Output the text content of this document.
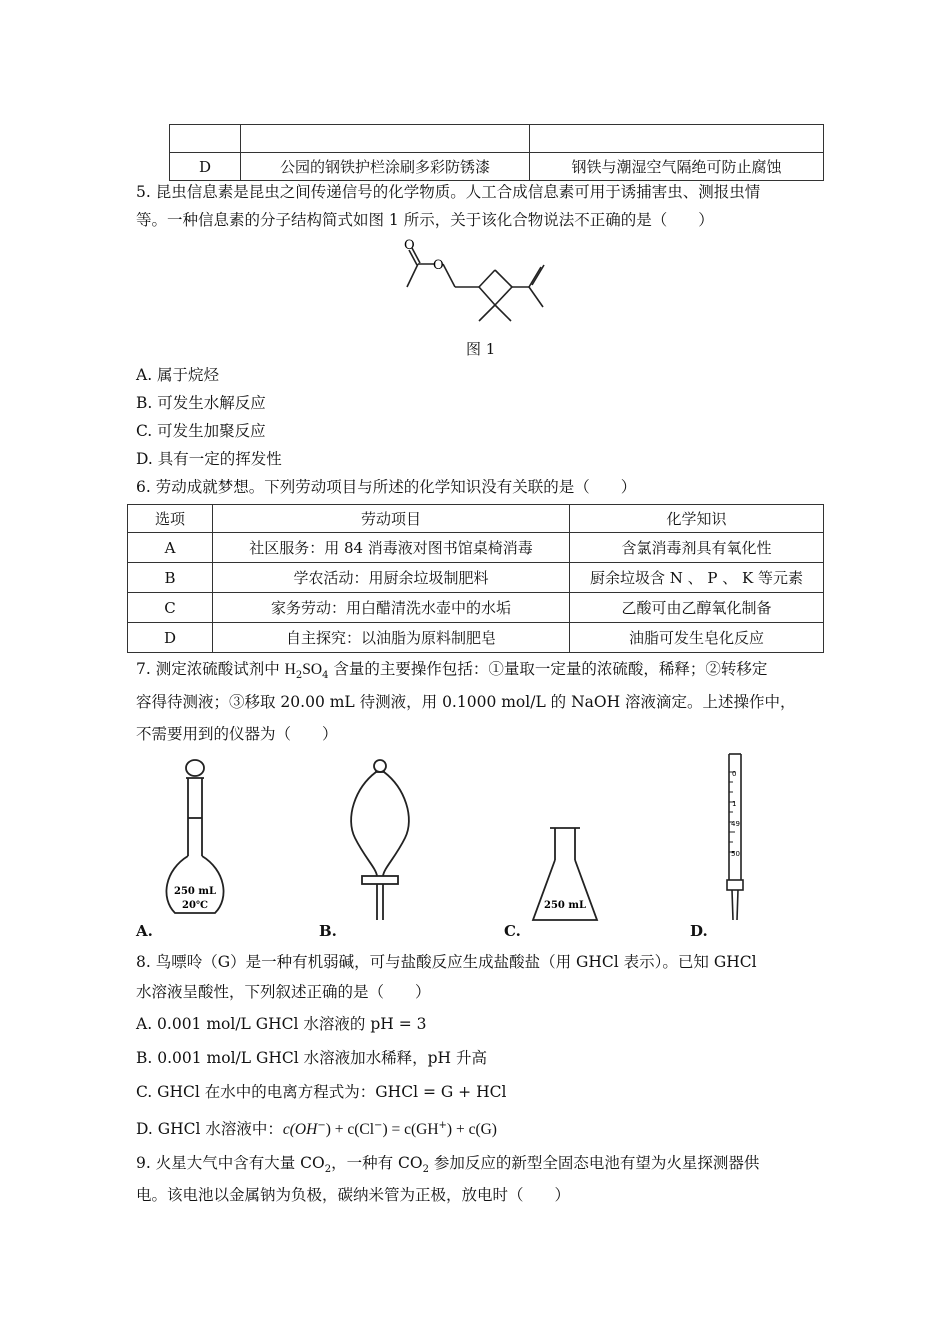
D	公园的钢铁护栏涂刷多彩防锈漆	钢铁与潮湿空气隔绝可防止腐蚀
5. 昆虫信息素是昆虫之间传递信号的化学物质。人工合成信息素可用于诱捕害虫、测报虫情
等。一种信息素的分子结构简式如图 1 所示，关于该化合物说法不正确的是（　　）
O
O
图 1
A. 属于烷烃
B. 可发生水解反应
C. 可发生加聚反应
D. 具有一定的挥发性
6. 劳动成就梦想。下列劳动项目与所述的化学知识没有关联的是（　　）
选项	劳动项目	化学知识
A	社区服务：用 84 消毒液对图书馆桌椅消毒	含氯消毒剂具有氧化性
B	学农活动：用厨余垃圾制肥料	厨余垃圾含 N 、 P 、 K 等元素
C	家务劳动：用白醋清洗水壶中的水垢	乙酸可由乙醇氧化制备
D	自主探究：以油脂为原料制肥皂	油脂可发生皂化反应
7. 测定浓硫酸试剂中 $H_2SO_4$ 含量的主要操作包括：①量取一定量的浓硫酸，稀释；②转移定
容得待测液；③移取 20.00 mL 待测液，用 0.1000 mol/L 的 NaOH 溶液滴定。上述操作中，
不需要用到的仪器为（　　）
250 mL
20℃	250 mL
0
1
49
50
A.	B.	C.	D.
8. 鸟嘌呤（G）是一种有机弱碱，可与盐酸反应生成盐酸盐（用 GHCl 表示）。已知 GHCl
水溶液呈酸性，下列叙述正确的是（　　）
A. 0.001 mol/L GHCl 水溶液的 pH = 3
B. 0.001 mol/L GHCl 水溶液加水稀释，pH 升高
C. GHCl 在水中的电离方程式为：GHCl = G + HCl
D. GHCl 水溶液中：c(OH−) + c(Cl−) = c(GH+) + c(G)
9. 火星大气中含有大量 $CO_2$，一种有 $CO_2$ 参加反应的新型全固态电池有望为火星探测器供
电。该电池以金属钠为负极，碳纳米管为正极，放电时（　　）
